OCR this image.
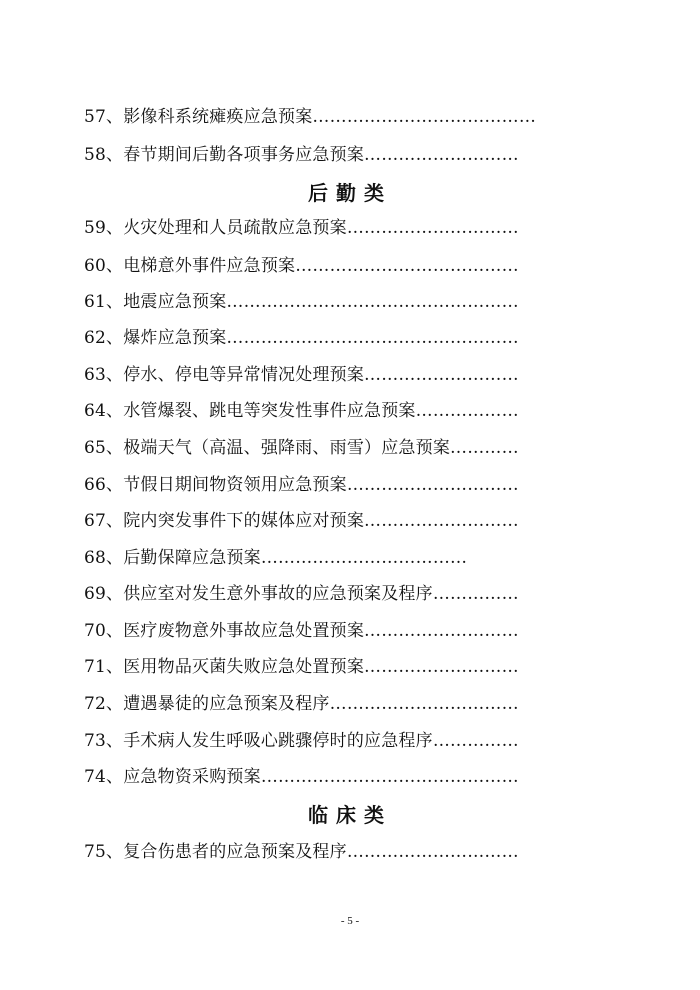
57、影像科系统瘫痪应急预案…………………………………
58、春节期间后勤各项事务应急预案………………………
后勤类
59、火灾处理和人员疏散应急预案…………………………
60、电梯意外事件应急预案…………………………………
61、地震应急预案……………………………………………
62、爆炸应急预案……………………………………………
63、停水、停电等异常情况处理预案………………………
64、水管爆裂、跳电等突发性事件应急预案………………
65、极端天气（高温、强降雨、雨雪）应急预案…………
66、节假日期间物资领用应急预案…………………………
67、院内突发事件下的媒体应对预案………………………
68、后勤保障应急预案………………………………
69、供应室对发生意外事故的应急预案及程序……………
70、医疗废物意外事故应急处置预案………………………
71、医用物品灭菌失败应急处置预案………………………
72、遭遇暴徒的应急预案及程序……………………………
73、手术病人发生呼吸心跳骤停时的应急程序……………
74、应急物资采购预案………………………………………
临床类
75、复合伤患者的应急预案及程序…………………………
- 5 -
